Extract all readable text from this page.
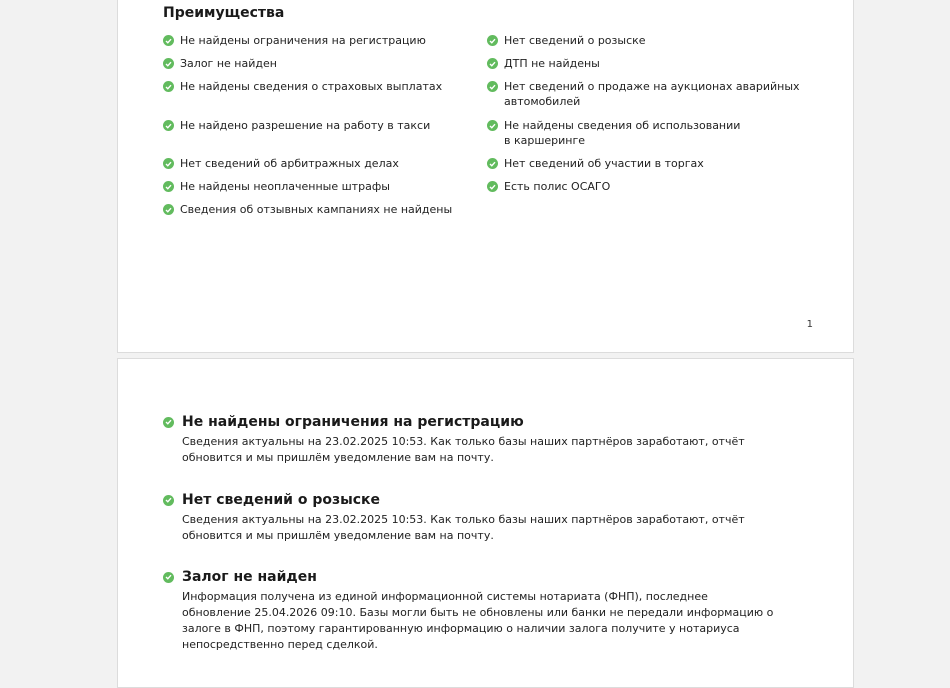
Преимущества
Не найдены ограничения на регистрацию
Залог не найден
Не найдены сведения о страховых выплатах
Не найдено разрешение на работу в такси
Нет сведений об арбитражных делах
Не найдены неоплаченные штрафы
Сведения об отзывных кампаниях не найдены
Нет сведений о розыске
ДТП не найдены
Нет сведений о продаже на аукционах аварийных
автомобилей
Не найдены сведения об использовании
в каршеринге
Нет сведений об участии в торгах
Есть полис ОСАГО
1
Не найдены ограничения на регистрацию
Сведения актуальны на 23.02.2025 10:53. Как только базы наших партнёров заработают, отчёт
обновится и мы пришлём уведомление вам на почту.
Нет сведений о розыске
Сведения актуальны на 23.02.2025 10:53. Как только базы наших партнёров заработают, отчёт
обновится и мы пришлём уведомление вам на почту.
Залог не найден
Информация получена из единой информационной системы нотариата (ФНП), последнее
обновление 25.04.2026 09:10. Базы могли быть не обновлены или банки не передали информацию о
залоге в ФНП, поэтому гарантированную информацию о наличии залога получите у нотариуса
непосредственно перед сделкой.
